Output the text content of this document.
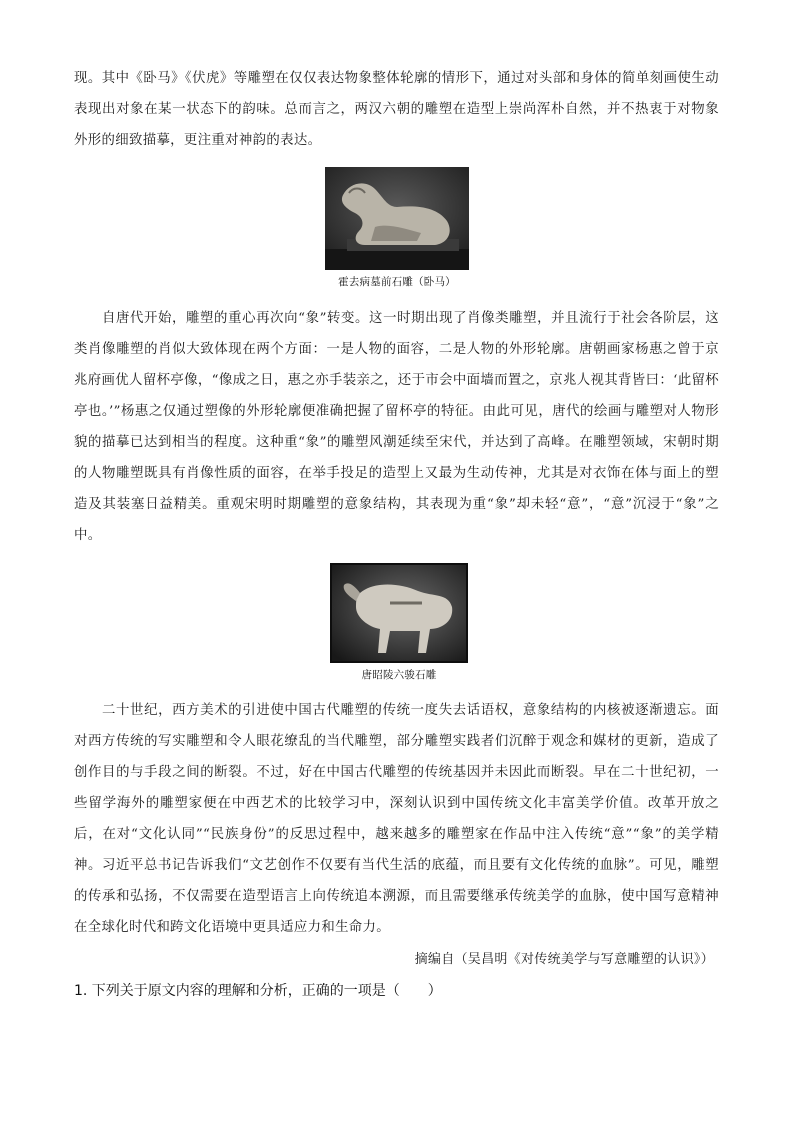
现。其中《卧马》《伏虎》等雕塑在仅仅表达物象整体轮廓的情形下，通过对头部和身体的简单刻画使生动表现出对象在某一状态下的韵味。总而言之，两汉六朝的雕塑在造型上崇尚浑朴自然，并不热衷于对物象外形的细致描摹，更注重对神韵的表达。

霍去病墓前石雕（卧马）

自唐代开始，雕塑的重心再次向“象”转变。这一时期出现了肖像类雕塑，并且流行于社会各阶层，这类肖像雕塑的肖似大致体现在两个方面：一是人物的面容，二是人物的外形轮廓。唐朝画家杨惠之曾于京兆府画优人留杯亭像，“像成之日，惠之亦手装亲之，还于市会中面墙而置之，京兆人视其背皆曰：‘此留杯亭也。’”杨惠之仅通过塑像的外形轮廓便准确把握了留杯亭的特征。由此可见，唐代的绘画与雕塑对人物形貌的描摹已达到相当的程度。这种重“象”的雕塑风潮延续至宋代，并达到了高峰。在雕塑领域，宋朝时期的人物雕塑既具有肖像性质的面容，在举手投足的造型上又最为生动传神，尤其是对衣饰在体与面上的塑造及其装塞日益精美。重观宋明时期雕塑的意象结构，其表现为重“象”却未轻“意”，“意”沉浸于“象”之中。

唐昭陵六骏石雕

二十世纪，西方美术的引进使中国古代雕塑的传统一度失去话语权，意象结构的内核被逐渐遗忘。面对西方传统的写实雕塑和令人眼花缭乱的当代雕塑，部分雕塑实践者们沉醉于观念和媒材的更新，造成了创作目的与手段之间的断裂。不过，好在中国古代雕塑的传统基因并未因此而断裂。早在二十世纪初，一些留学海外的雕塑家便在中西艺术的比较学习中，深刻认识到中国传统文化丰富美学价值。改革开放之后，在对“文化认同”“民族身份”的反思过程中，越来越多的雕塑家在作品中注入传统“意”“象”的美学精神。习近平总书记告诉我们“文艺创作不仅要有当代生活的底蕴，而且要有文化传统的血脉”。可见，雕塑的传承和弘扬，不仅需要在造型语言上向传统追本溯源，而且需要继承传统美学的血脉，使中国写意精神在全球化时代和跨文化语境中更具适应力和生命力。

摘编自（吴昌明《对传统美学与写意雕塑的认识》）
1. 下列关于原文内容的理解和分析，正确的一项是（　　）
